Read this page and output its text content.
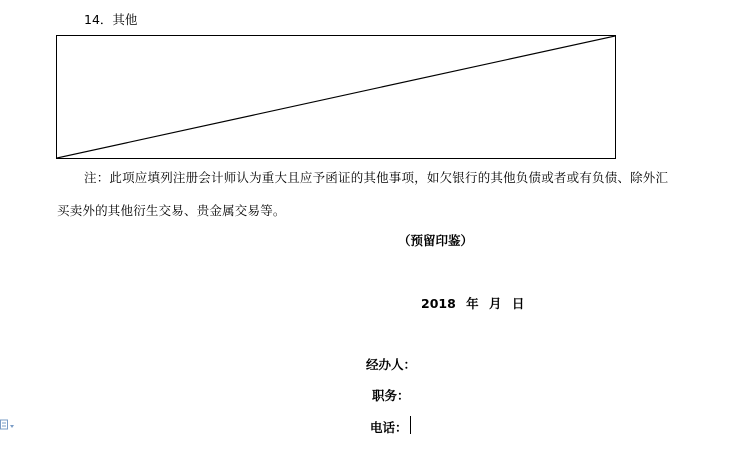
14．其他
注：此项应填列注册会计师认为重大且应予函证的其他事项，如欠银行的其他负债或者或有负债、除外汇
买卖外的其他衍生交易、贵金属交易等。
（预留印鉴）
2018 年 月 日
经办人：
职务：
电话：
